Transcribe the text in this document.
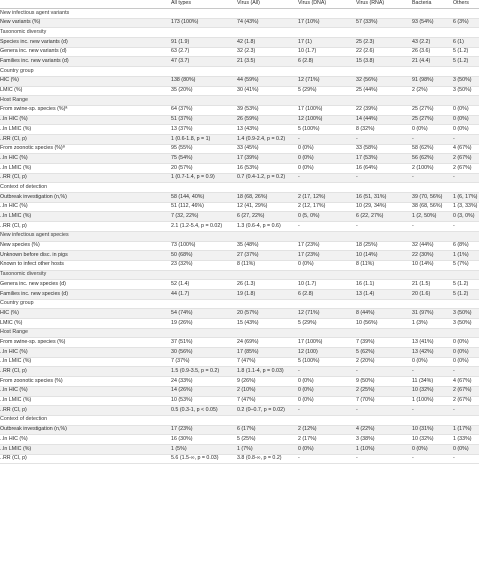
All types	Virus (All)	Virus (DNA)	Virus (RNA)	Bacteria	Others
New infectious agent variants
New variants (%)	173 (100%)	74 (43%)	17 (10%)	57 (33%)	93 (54%)	6 (3%)
Taxonomic diversity
Species inc. new variants (d)	91 (1.9)	42 (1.8)	17 (1)	25 (2.3)	43 (2.2)	6 (1)
Genera inc. new variants (d)	63 (2.7)	32 (2.3)	10 (1.7)	22 (2.6)	26 (3.6)	5 (1.2)
Families inc. new variants (d)	47 (3.7)	21 (3.5)	6 (2.8)	15 (3.8)	21 (4.4)	5 (1.2)
Country group
HIC (%)	138 (80%)	44 (59%)	12 (71%)	32 (56%)	91 (98%)	3 (50%)
LMIC (%)	35 (20%)	30 (41%)	5 (29%)	25 (44%)	2 (2%)	3 (50%)
Host Range
From swine-sp. species (%)ª	64 (37%)	39 (53%)	17 (100%)	22 (39%)	25 (27%)	0 (0%)
..In HIC (%)	51 (37%)	26 (59%)	12 (100%)	14 (44%)	25 (27%)	0 (0%)
..In LMIC (%)	13 (37%)	13 (43%)	5 (100%)	8 (32%)	0 (0%)	0 (0%)
..RR (CI, p)	1 (0.6-1.8, p = 1)	1.4 (0.9-2.4, p = 0.2) -	-	-	-
From zoonotic species (%)ª	95 (55%)	33 (45%)	0 (0%)	33 (58%)	58 (62%)	4 (67%)
..In HIC (%)	75 (54%)	17 (39%)	0 (0%)	17 (53%)	56 (62%)	2 (67%)
..In LMIC (%)	20 (57%)	16 (53%)	0 (0%)	16 (64%)	2 (100%)	2 (67%)
..RR (CI, p)	1 (0.7-1.4, p = 0.9)	0.7 (0.4-1.2, p = 0.2) -	-	-	-
Context of detection
Outbreak investigation (n,%)	58 (144, 40%)	18 (68, 26%)	2 (17, 12%)	16 (51, 31%)	39 (70, 56%) 1 (6, 17%)
..In HIC (%)	51 (112, 46%)	12 (41, 29%)	2 (12, 17%)	10 (29, 34%)	38 (68, 56%) 1 (3, 33%)
..In LMIC (%)	7 (32, 22%)	6 (27, 22%)	0 (5, 0%)	6 (22, 27%)	1 (2, 50%)	0 (3, 0%)
..RR (CI, p)	2.1 (1.2-5.4, p = 0.02)	1.3 (0.6-4, p = 0.6)	-	-	-	-
New infectious agent species
New species (%)	73 (100%)	35 (48%)	17 (23%)	18 (25%)	32 (44%)	6 (8%)
Unknown before disc. in pigs	50 (68%)	27 (37%)	17 (23%)	10 (14%)	22 (30%)	1 (1%)
Known to infect other hosts	23 (32%)	8 (11%)	0 (0%)	8 (11%)	10 (14%)	5 (7%)
Taxonomic diversity
Genera inc. new species (d)	52 (1.4)	26 (1.3)	10 (1.7)	16 (1.1)	21 (1.5)	5 (1.2)
Families inc. new species (d)	44 (1.7)	19 (1.8)	6 (2.8)	13 (1.4)	20 (1.6)	5 (1.2)
Country group
HIC (%)	54 (74%)	20 (57%)	12 (71%)	8 (44%)	31 (97%)	3 (50%)
LMIC (%)	19 (26%)	15 (43%)	5 (29%)	10 (56%)	1 (3%)	3 (50%)
Host Range
From swine-sp. species (%)	37 (51%)	24 (69%)	17 (100%)	7 (39%)	13 (41%)	0 (0%)
..In HIC (%)	30 (56%)	17 (85%)	12 (100)	5 (62%)	13 (42%)	0 (0%)
..In LMIC (%)	7 (37%)	7 (47%)	5 (100%)	2 (20%)	0 (0%)	0 (0%)
..RR (CI, p)	1.5 (0.9-3.5, p = 0.2)	1.8 (1.1-4, p = 0.03)	-	-	-	-
From zoonotic species (%)	24 (33%)	9 (26%)	0 (0%)	9 (50%)	11 (34%)	4 (67%)
..In HIC (%)	14 (26%)	2 (10%)	0 (0%)	2 (25%)	10 (32%)	2 (67%)
..In LMIC (%)	10 (53%)	7 (47%)	0 (0%)	7 (70%)	1 (100%)	2 (67%)
..RR (CI, p)	0.5 (0.3-1, p < 0.05)	0.2 (0–0.7, p = 0.02) -	-	-	-
Context of detection
Outbreak investigation (n,%)	17 (23%)	6 (17%)	2 (12%)	4 (22%)	10 (31%)	1 (17%)
..In HIC (%)	16 (30%)	5 (25%)	2 (17%)	3 (38%)	10 (32%)	1 (33%)
..In LMIC (%)	1 (5%)	1 (7%)	0 (0%)	1 (10%)	0 (0%)	0 (0%)
..RR (CI, p)	5.6 (1.5-∞, p = 0.03)	3.8 (0.8-∞, p = 0.2)	-	-	-	-
